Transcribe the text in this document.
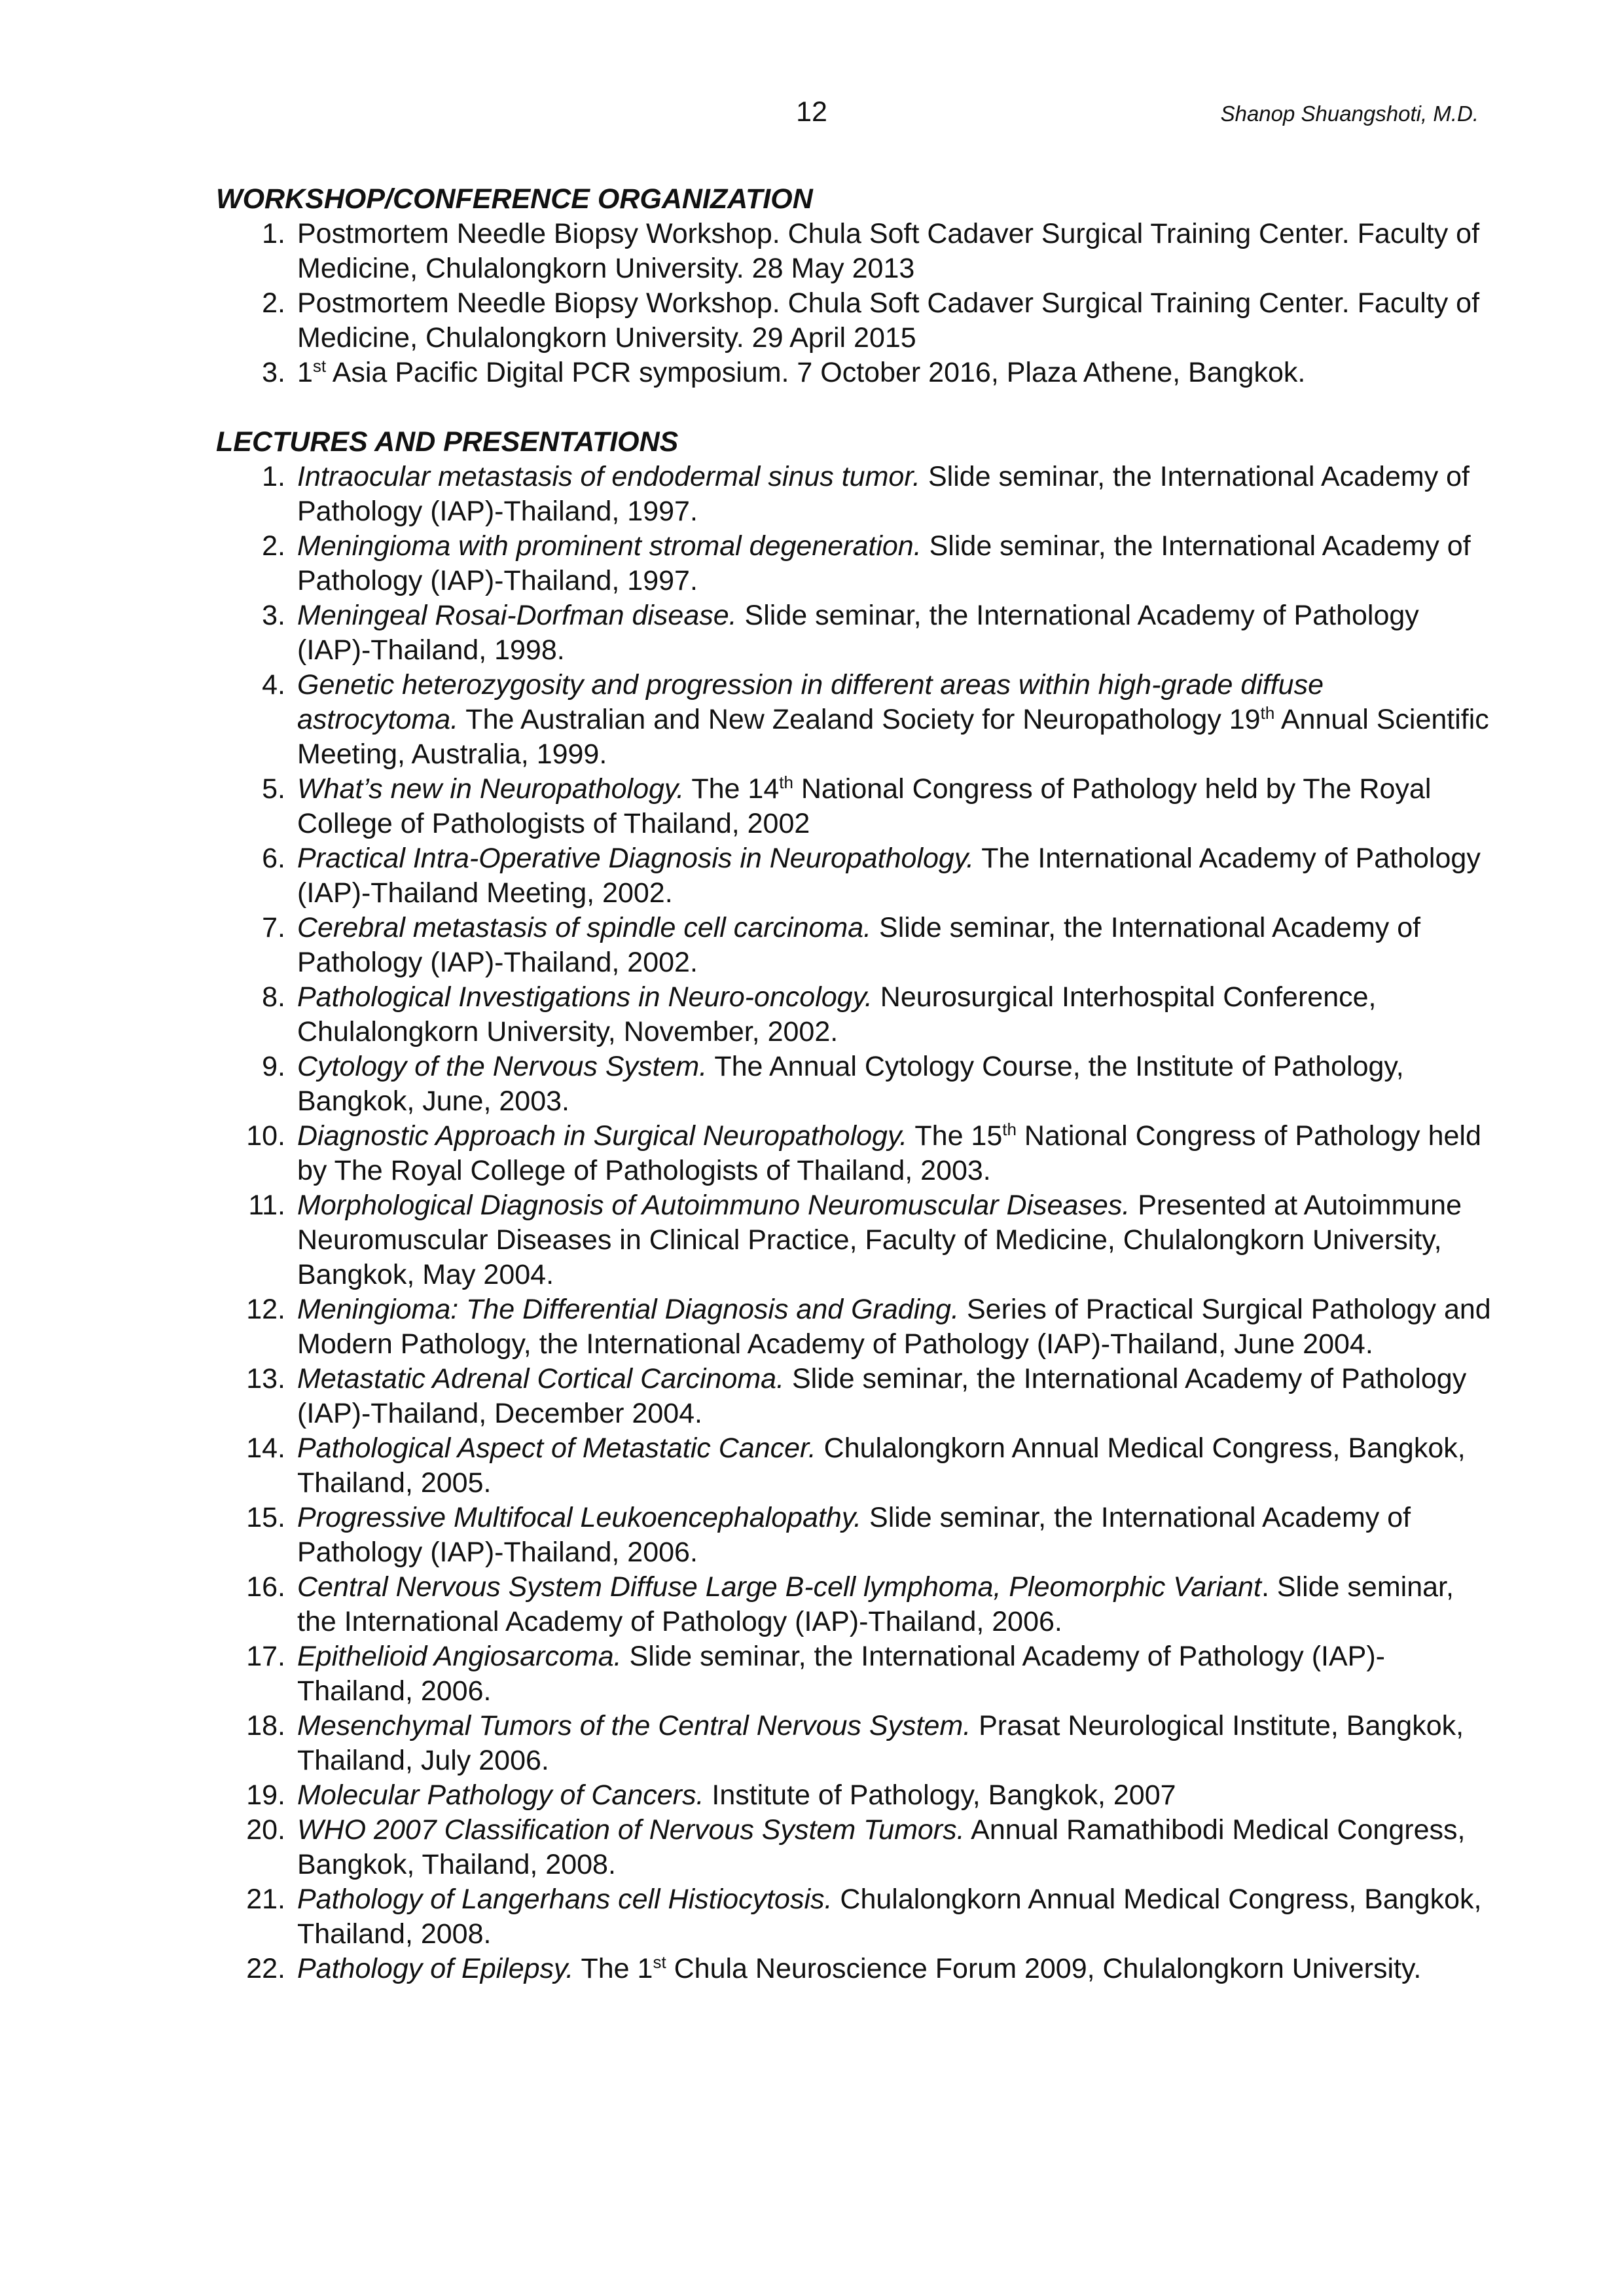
12	Shanop Shuangshoti, M.D.
WORKSHOP/CONFERENCE ORGANIZATION
1. Postmortem Needle Biopsy Workshop. Chula Soft Cadaver Surgical Training Center. Faculty of Medicine, Chulalongkorn University. 28 May 2013
2. Postmortem Needle Biopsy Workshop. Chula Soft Cadaver Surgical Training Center. Faculty of Medicine, Chulalongkorn University. 29 April 2015
3. 1st Asia Pacific Digital PCR symposium. 7 October 2016, Plaza Athene, Bangkok.
LECTURES AND PRESENTATIONS
1. Intraocular metastasis of endodermal sinus tumor. Slide seminar, the International Academy of Pathology (IAP)-Thailand, 1997.
2. Meningioma with prominent stromal degeneration. Slide seminar, the International Academy of Pathology (IAP)-Thailand, 1997.
3. Meningeal Rosai-Dorfman disease. Slide seminar, the International Academy of Pathology (IAP)-Thailand, 1998.
4. Genetic heterozygosity and progression in different areas within high-grade diffuse astrocytoma. The Australian and New Zealand Society for Neuropathology 19th Annual Scientific Meeting, Australia, 1999.
5. What’s new in Neuropathology. The 14th National Congress of Pathology held by The Royal College of Pathologists of Thailand, 2002
6. Practical Intra-Operative Diagnosis in Neuropathology. The International Academy of Pathology (IAP)-Thailand Meeting, 2002.
7. Cerebral metastasis of spindle cell carcinoma. Slide seminar, the International Academy of Pathology (IAP)-Thailand, 2002.
8. Pathological Investigations in Neuro-oncology. Neurosurgical Interhospital Conference, Chulalongkorn University, November, 2002.
9. Cytology of the Nervous System. The Annual Cytology Course, the Institute of Pathology, Bangkok, June, 2003.
10. Diagnostic Approach in Surgical Neuropathology. The 15th National Congress of Pathology held by The Royal College of Pathologists of Thailand, 2003.
11. Morphological Diagnosis of Autoimmuno Neuromuscular Diseases. Presented at Autoimmune Neuromuscular Diseases in Clinical Practice, Faculty of Medicine, Chulalongkorn University, Bangkok, May 2004.
12. Meningioma: The Differential Diagnosis and Grading. Series of Practical Surgical Pathology and Modern Pathology, the International Academy of Pathology (IAP)-Thailand, June 2004.
13. Metastatic Adrenal Cortical Carcinoma. Slide seminar, the International Academy of Pathology (IAP)-Thailand, December 2004.
14. Pathological Aspect of Metastatic Cancer. Chulalongkorn Annual Medical Congress, Bangkok, Thailand, 2005.
15. Progressive Multifocal Leukoencephalopathy. Slide seminar, the International Academy of Pathology (IAP)-Thailand, 2006.
16. Central Nervous System Diffuse Large B-cell lymphoma, Pleomorphic Variant. Slide seminar, the International Academy of Pathology (IAP)-Thailand, 2006.
17. Epithelioid Angiosarcoma. Slide seminar, the International Academy of Pathology (IAP)-Thailand, 2006.
18. Mesenchymal Tumors of the Central Nervous System. Prasat Neurological Institute, Bangkok, Thailand, July 2006.
19. Molecular Pathology of Cancers. Institute of Pathology, Bangkok, 2007
20. WHO 2007 Classification of Nervous System Tumors. Annual Ramathibodi Medical Congress, Bangkok, Thailand, 2008.
21. Pathology of Langerhans cell Histiocytosis. Chulalongkorn Annual Medical Congress, Bangkok, Thailand, 2008.
22. Pathology of Epilepsy. The 1st Chula Neuroscience Forum 2009, Chulalongkorn University.
